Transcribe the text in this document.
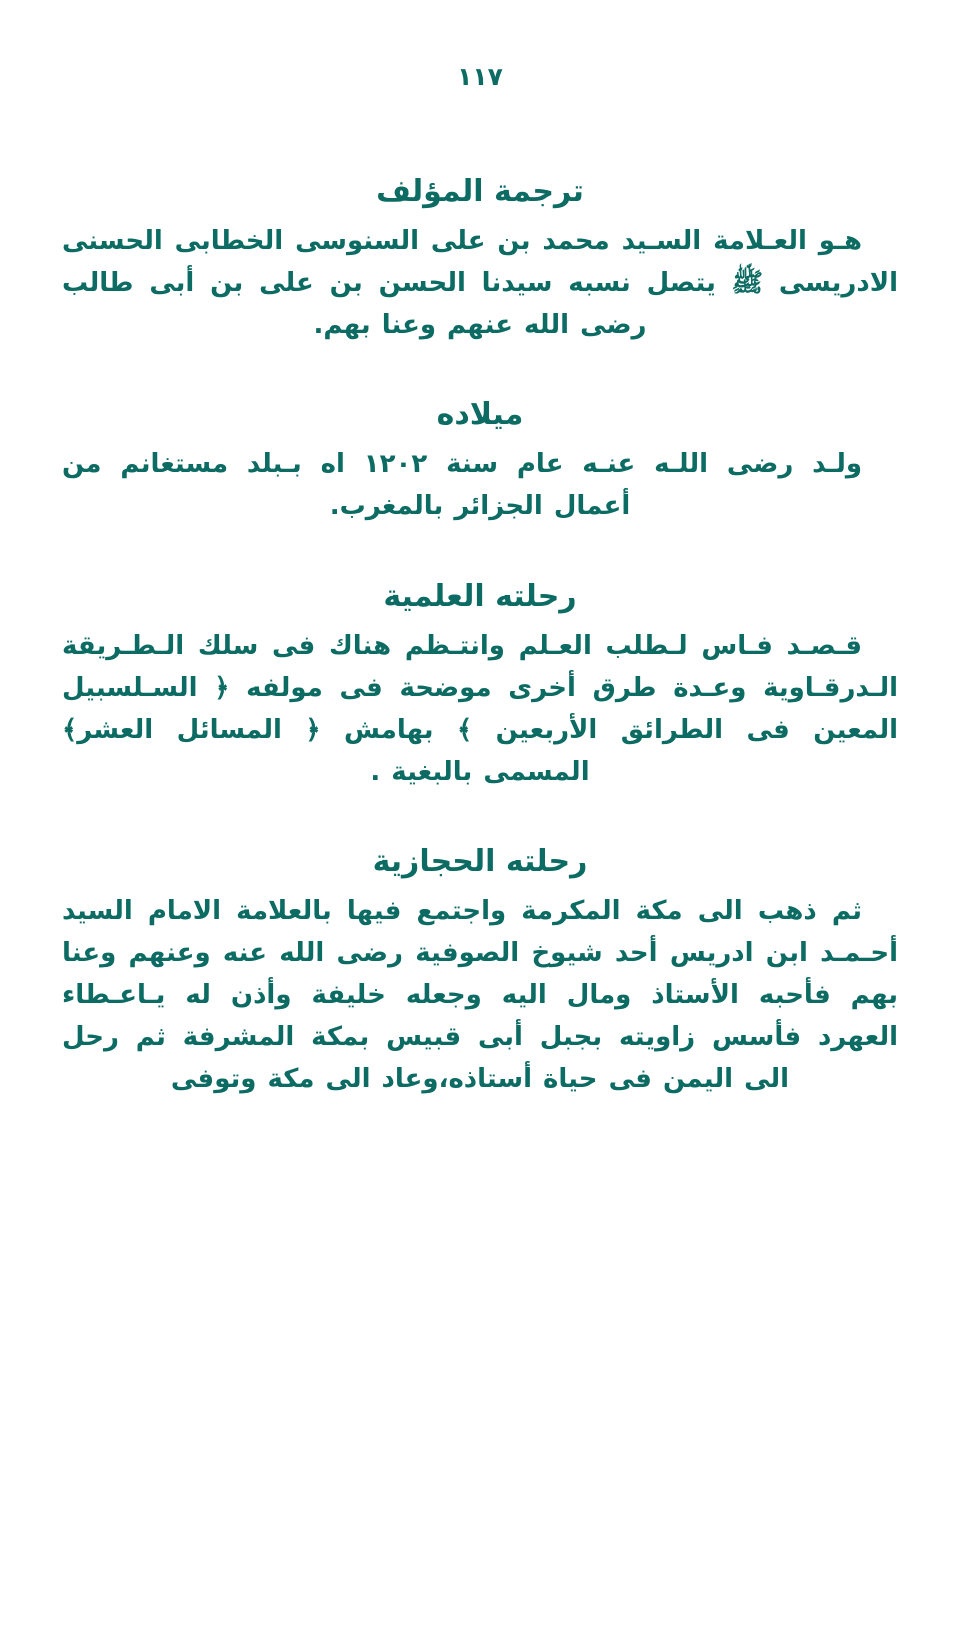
١١٧
ترجمة المؤلف

هـو العـلامة السـيد محمد بن على السنوسى الخطابى الحسنى الادريسى ﷺ يتصل نسبه سيدنا الحسن بن على بن أبى طالب رضى الله عنهم وعنا بهم.

ميلاده

ولـد رضى اللـه عنـه عام سنة ١٢٠٢ اه بـبلد مستغانم من أعمال الجزائر بالمغرب.

رحلته العلمية

قـصـد فـاس لـطلب العـلم وانتـظم هناك فى سلك الـطـريقة الـدرقـاوية وعـدة طرق أخرى موضحة فى مولفه ﴿ السـلسبيل المعين فى الطرائق الأربعين ﴾ بهامش ﴿ المسائل العشر﴾ المسمى بالبغية .

رحلته الحجازية

ثم ذهب الى مكة المكرمة واجتمع فيها بالعلامة الامام السيد أحـمـد ابن ادريس أحد شيوخ الصوفية رضى الله عنه وعنهم وعنا بهم فأحبه الأستاذ ومال اليه وجعله خليفة وأذن له يـاعـطاء العهرد فأسس زاويته بجبل أبى قبيس بمكة المشرفة ثم رحل الى اليمن فى حياة أستاذه،وعاد الى مكة وتوفى
